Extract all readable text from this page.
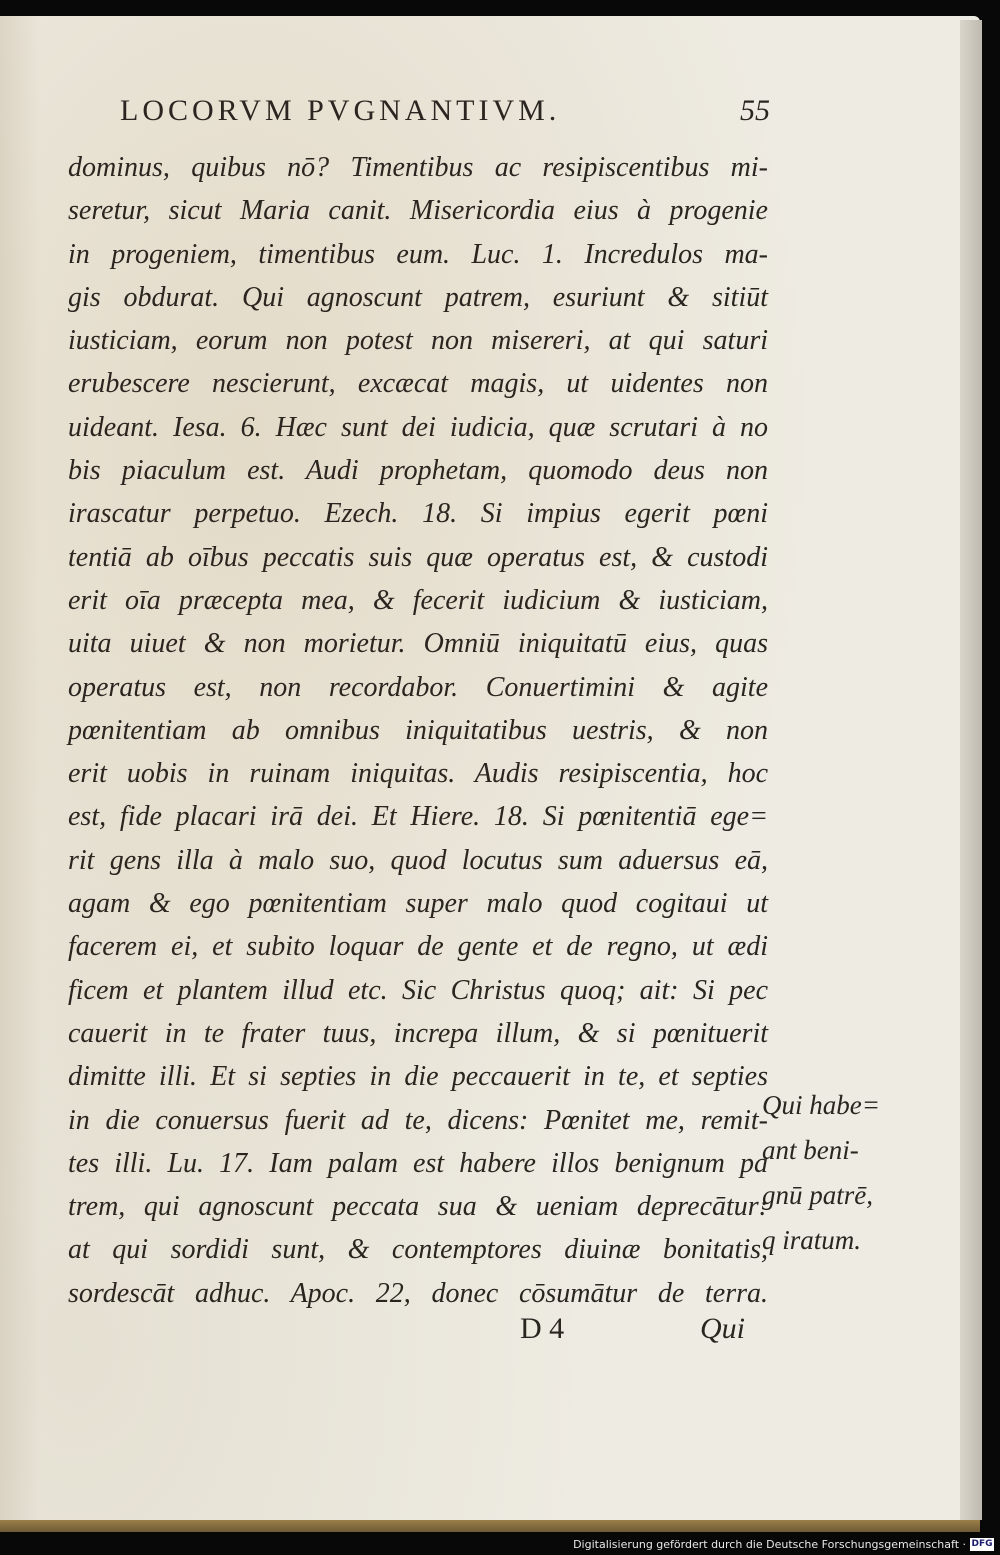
LOCORVM PVGNANTIVM.	55
dominus, quibus nō? Timentibus ac resipiscentibus mi-
seretur, sicut Maria canit. Misericordia eius à progenie
in progeniem, timentibus eum. Luc. 1. Incredulos ma-
gis obdurat. Qui agnoscunt patrem, esuriunt & sitiūt
iusticiam, eorum non potest non misereri, at qui saturi
erubescere nescierunt, excæcat magis, ut uidentes non
uideant. Iesa. 6. Hæc sunt dei iudicia, quæ scrutari à no
bis piaculum est. Audi prophetam, quomodo deus non
irascatur perpetuo. Ezech. 18. Si impius egerit pœni
tentiā ab oībus peccatis suis quæ operatus est, & custodi
erit oīa præcepta mea, & fecerit iudicium & iusticiam,
uita uiuet & non morietur. Omniū iniquitatū eius, quas
operatus est, non recordabor. Conuertimini & agite
pœnitentiam ab omnibus iniquitatibus uestris, & non
erit uobis in ruinam iniquitas. Audis resipiscentia, hoc
est, fide placari irā dei. Et Hiere. 18. Si pœnitentiā ege=
rit gens illa à malo suo, quod locutus sum aduersus eā,
agam & ego pœnitentiam super malo quod cogitaui ut
facerem ei, et subito loquar de gente et de regno, ut ædi
ficem et plantem illud etc. Sic Christus quoq; ait: Si pec
cauerit in te frater tuus, increpa illum, & si pœnituerit
dimitte illi. Et si septies in die peccauerit in te, et septies
in die conuersus fuerit ad te, dicens: Pœnitet me, remit-
tes illi. Lu. 17. Iam palam est habere illos benignum pa
trem, qui agnoscunt peccata sua & ueniam deprecātur:
at qui sordidi sunt, & contemptores diuinæ bonitatis,
sordescāt adhuc. Apoc. 22, donec cōsumātur de terra.
Qui habe=
ant beni-
gnū patrē,
q iratum.
D 4	Qui
Digitalisierung gefördert durch die Deutsche Forschungsgemeinschaft · DFG
